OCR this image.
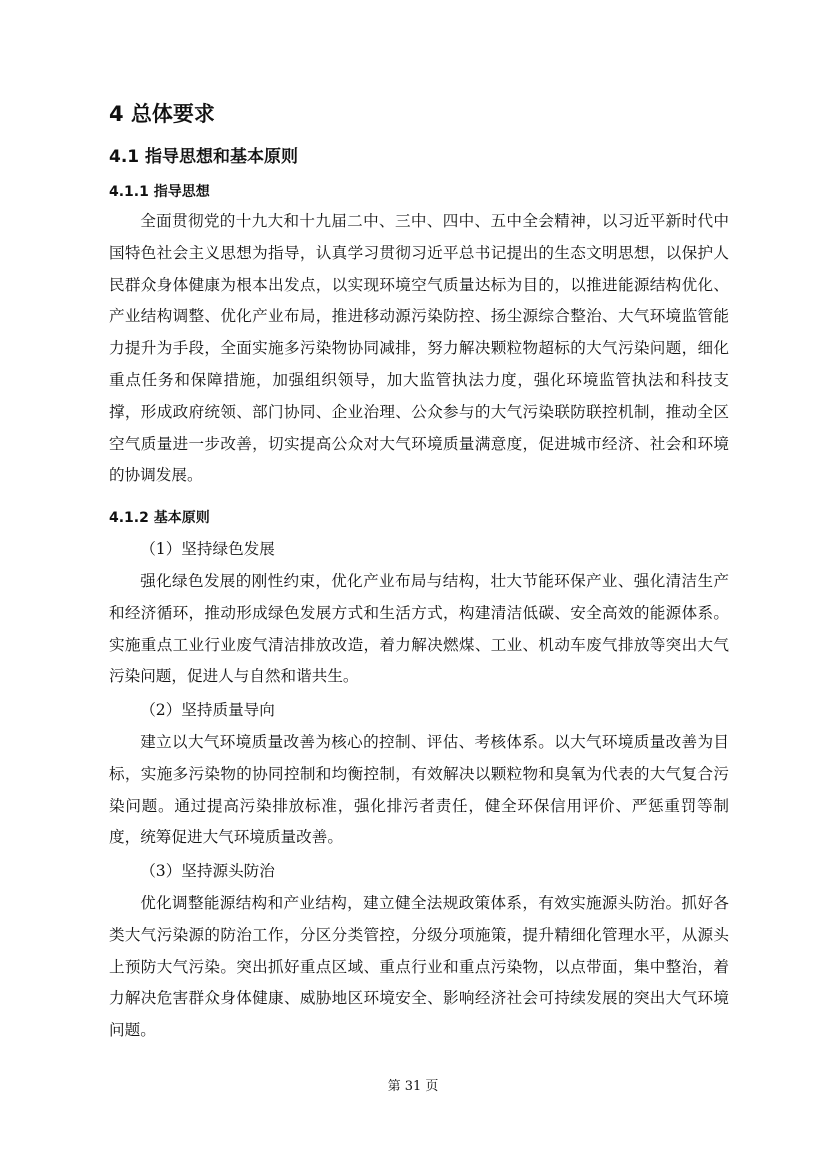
4 总体要求
4.1 指导思想和基本原则
4.1.1 指导思想

全面贯彻党的十九大和十九届二中、三中、四中、五中全会精神，以习近平新时代中国特色社会主义思想为指导，认真学习贯彻习近平总书记提出的生态文明思想，以保护人民群众身体健康为根本出发点，以实现环境空气质量达标为目的，以推进能源结构优化、产业结构调整、优化产业布局，推进移动源污染防控、扬尘源综合整治、大气环境监管能力提升为手段，全面实施多污染物协同减排，努力解决颗粒物超标的大气污染问题，细化重点任务和保障措施，加强组织领导，加大监管执法力度，强化环境监管执法和科技支撑，形成政府统领、部门协同、企业治理、公众参与的大气污染联防联控机制，推动全区空气质量进一步改善，切实提高公众对大气环境质量满意度，促进城市经济、社会和环境的协调发展。

4.1.2 基本原则

（1）坚持绿色发展

强化绿色发展的刚性约束，优化产业布局与结构，壮大节能环保产业、强化清洁生产和经济循环，推动形成绿色发展方式和生活方式，构建清洁低碳、安全高效的能源体系。实施重点工业行业废气清洁排放改造，着力解决燃煤、工业、机动车废气排放等突出大气污染问题，促进人与自然和谐共生。

（2）坚持质量导向

建立以大气环境质量改善为核心的控制、评估、考核体系。以大气环境质量改善为目标，实施多污染物的协同控制和均衡控制，有效解决以颗粒物和臭氧为代表的大气复合污染问题。通过提高污染排放标准，强化排污者责任，健全环保信用评价、严惩重罚等制度，统筹促进大气环境质量改善。

（3）坚持源头防治

优化调整能源结构和产业结构，建立健全法规政策体系，有效实施源头防治。抓好各类大气污染源的防治工作，分区分类管控，分级分项施策，提升精细化管理水平，从源头上预防大气污染。突出抓好重点区域、重点行业和重点污染物，以点带面，集中整治，着力解决危害群众身体健康、威胁地区环境安全、影响经济社会可持续发展的突出大气环境问题。

第 31 页
